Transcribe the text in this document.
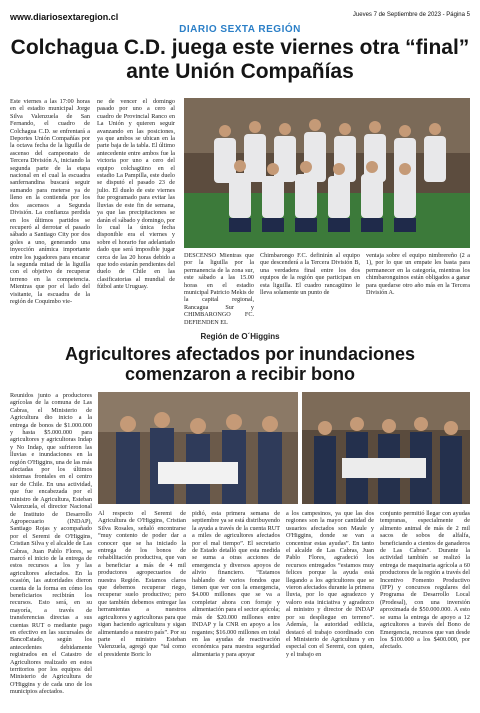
www.diariosextaregion.cl	Jueves 7 de Septiembre de 2023 - Página 5
DIARIO SEXTA REGIÓN
Colchagua C.D. juega este viernes otra “final” ante Unión Compañías

Este viernes a las 17:00 horas en el estadio municipal Jorge Silva Valenzuela de San Fernando, el cuadro de Colchagua C.D. se enfrentará a Deportes Unión Compañías por la octava fecha de la liguilla de ascenso del campeonato de Tercera División A, iniciando la segunda parte de la etapa nacional en el cual la escuadra sanfernandina buscará seguir sumando para meterse ya de lleno en la contienda por los dos ascensos a Segunda División. La confianza perdida en los últimos partidos se recuperó al derrotar el pasado sábado a Santiago City por dos goles a uno, generando una inyección anímica importante entre los jugadores para encarar la segunda mitad de la liguilla con el objetivo de recuperar terreno en la competencia. Mientras que por el lado del visitante, la escuadra de la región de Coquimbo vie-

ne de vencer el domingo pasado por uno a cero al cuadro de Provincial Ranco en La Unión y quieren seguir avanzando en las posiciones, ya que ambos se ubican en la parte baja de la tabla. El último antecedente entre ambos fue la victoria por uno a cero del equipo colchagüino en el estadio La Pampilla, este duelo se disputó el pasado 23 de julio. El duelo de este viernes fue programado para evitar las lluvias de este fin de semana, ya que las precipitaciones se darán el sábado y domingo, por lo cual la única fecha disponible era el viernes y sobre el horario fue adelantado dado que será imposible jugar cerca de las 20 horas debido a que todo estarán pendientes del duelo de Chile en las clasificatorias al mundial de fútbol ante Uruguay.

DESCENSO Mientras que por la liguilla por la permanencia de la zona sur, este sábado a las 15.00 horas en el estadio municipal Patricio Mekis de la capital regional, Rancagua Sur y CHIMBARONGO FC. DEFIENDEN EL

Chimbarongo F.C. definirán al equipo que descenderá a la Tercera División B, una verdadera final entre los dos equipos de la región que participan en esta liguilla. El cuadro rancagüino le lleva solamente un punto de

ventaja sobre el equipo nimbrereño (2 a 1), por lo que un empate les basta para permanecer en la categoría, mientras los chimbaronguinos están obligados a ganar para quedarse otro año más en la Tercera División A.

Región de O´Higgins
Agricultores afectados por inundaciones comenzaron a recibir bono

Reunidos junto a productores agrícolas de la comuna de Las Cabras, el Ministerio de Agricultura dio inicio a la entrega de bonos de $1.000.000 y hasta $5.000.000 para agricultores y agricultoras Indap y No Indap, que sufrieron las lluvias e inundaciones en la región O'Higgins, una de las más afectadas por los últimos sistemas frontales en el centro sur de Chile. En una actividad, que fue encabezada por el ministro de Agricultura, Esteban Valenzuela, el director Nacional de Instituto de Desarrollo Agropecuario (INDAP), Santiago Rojas y acompañado por el Seremi de O'Higgins, Cristian Silva y el alcalde de Las Cabras, Juan Pablo Flores, se marcó el inicio de la entrega de estos recursos a los y las agricultores afectados. En la ocasión, las autoridades dieron cuenta de la forma en cómo los beneficiarios recibirán los recursos. Esto será, en su mayoría, a través de transferencias directas a sus cuentas RUT o mediante pago en efectivo en las sucursales de BancoEstado, según los antecedentes debidamente registrados en el Catastro de Agricultores realizado en estos territorios por los equipos del Ministerio de Agricultura de O'Higgins y de cada uno de los municipios afectados.

Al respecto el Seremi de Agricultura de O'Higgins, Cristian Silva Rosales, señaló encontrarse “muy contento de poder dar a conocer que se ha iniciado la entrega de los bonos de rehabilitación productiva, que van a beneficiar a más de 4 mil productores agropecuarios de nuestra Región. Estamos claros que debemos recuperar riego, recuperar suelo productivo; pero que también debemos entregar las herramientas a nuestros agricultores y agricultoras para que sigan haciendo agricultura y sigan alimentando a nuestro país”. Por su parte el ministro Esteban Valenzuela, agregó que “tal como el presidente Boric lo

pidió, esta primera semana de septiembre ya se está distribuyendo la ayuda a través de la cuenta RUT a miles de agricultores afectados por el mal tiempo”. El secretario de Estado detalló que esta medida se suma a otras acciones de emergencia y diversos apoyos de alivio financiero. “Estamos hablando de varios fondos que tienen que ver con la emergencia, $4.000 millones que se va a completar ahora con forraje y alimentación para el sector apícola; más de $20.000 millones entre INDAP y la CNR en apoyo a los regantes; $16.000 millones en total en las ayudas de reactivación económica para nuestra seguridad alimentaria y para apoyar

a los campesinos, ya que las dos regiones son la mayor cantidad de usuarios afectados son Maule y O'Higgins, donde se van a concentrar estas ayudas”. En tanto el alcalde de Las Cabras, Juan Pablo Flores, agradeció los recursos entregados “estamos muy felices porque la ayuda está llegando a los agricultores que se vieron afectados durante la primera lluvia, por lo que agradezco y valoro esta iniciativa y agradezco al ministro y director de INDAP por su despliegue en terreno”. Además, la autoridad edilicia, destacó el trabajo coordinado con el Ministerio de Agricultura y en especial con el Seremi, con quien, y el trabajo en

conjunto permitió llegar con ayudas tempranas, especialmente de alimento animal de más de 2 mil sacos de sobos de alfalfa, beneficiando a cientos de ganaderos de Las Cabras”. Durante la actividad también se realizó la entrega de maquinaria agrícola a 60 productores de la región a través del Incentivo Fomento Productivo (IFP) y concursos regulares del Programa de Desarrollo Local (Prodesal), con una inversión aproximada de $50.000.000. A esto se suma la entrega de apoyo a 12 agricultores a través del Bono de Emergencia, recursos que van desde los $100.000 a los $400.000, por afectado.
